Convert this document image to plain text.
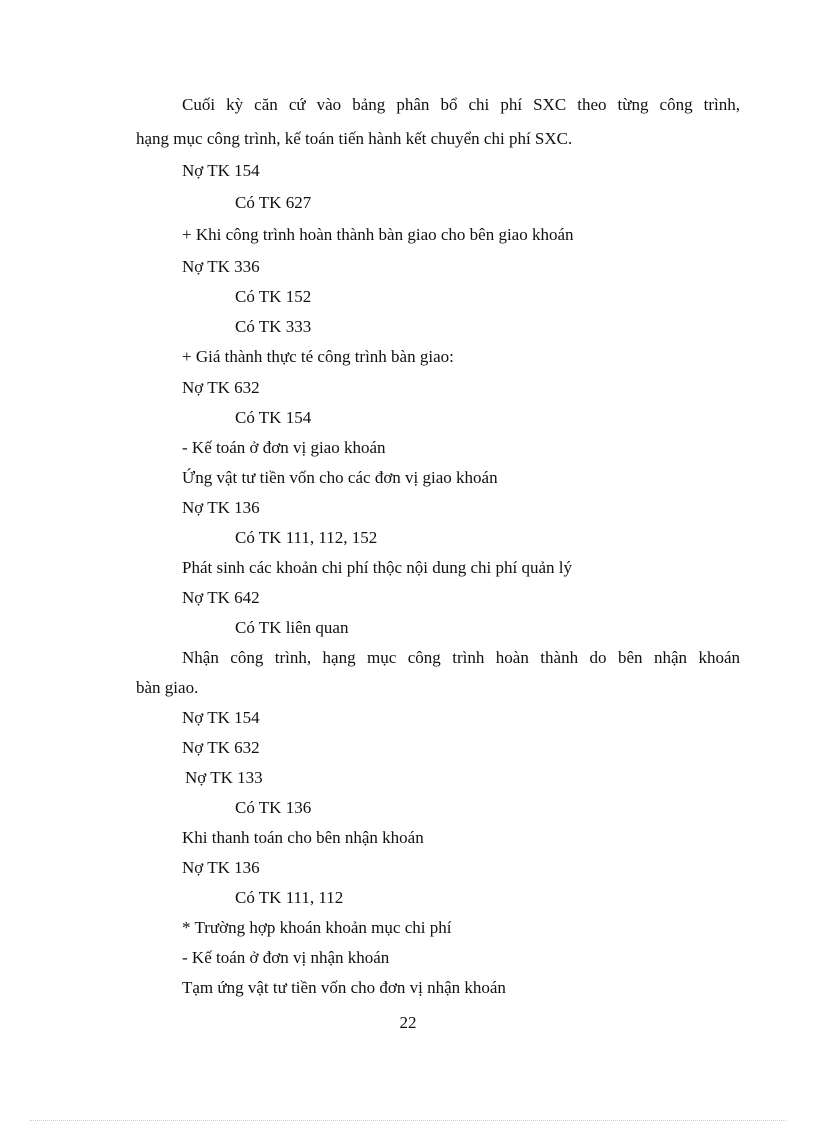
Cuối kỳ căn cứ vào bảng phân bổ chi phí SXC theo từng công trình,
hạng mục công trình, kế toán tiến hành kết chuyển chi phí SXC.
Nợ TK 154
Có TK 627
+ Khi công trình hoàn thành bàn giao cho bên giao khoán
Nợ TK 336
Có TK 152
Có TK 333
+ Giá thành thực té công trình bàn giao:
Nợ TK 632
Có TK 154
- Kế toán ở đơn vị giao khoán
Ứng vật tư tiền vốn cho các đơn vị giao khoán
Nợ TK 136
Có TK 111, 112, 152
Phát sinh các khoản chi phí thộc nội dung chi phí quản lý
Nợ TK 642
Có TK liên quan
Nhận công trình, hạng mục công trình hoàn thành do bên nhận khoán
bàn giao.
Nợ TK 154
Nợ TK 632
Nợ TK 133
Có TK 136
Khi thanh toán cho bên nhận khoán
Nợ TK 136
Có TK 111, 112
* Trường hợp khoán khoản mục chi phí
- Kế toán ở đơn vị nhận khoán
Tạm ứng vật tư tiền vốn cho đơn vị nhận khoán
22
